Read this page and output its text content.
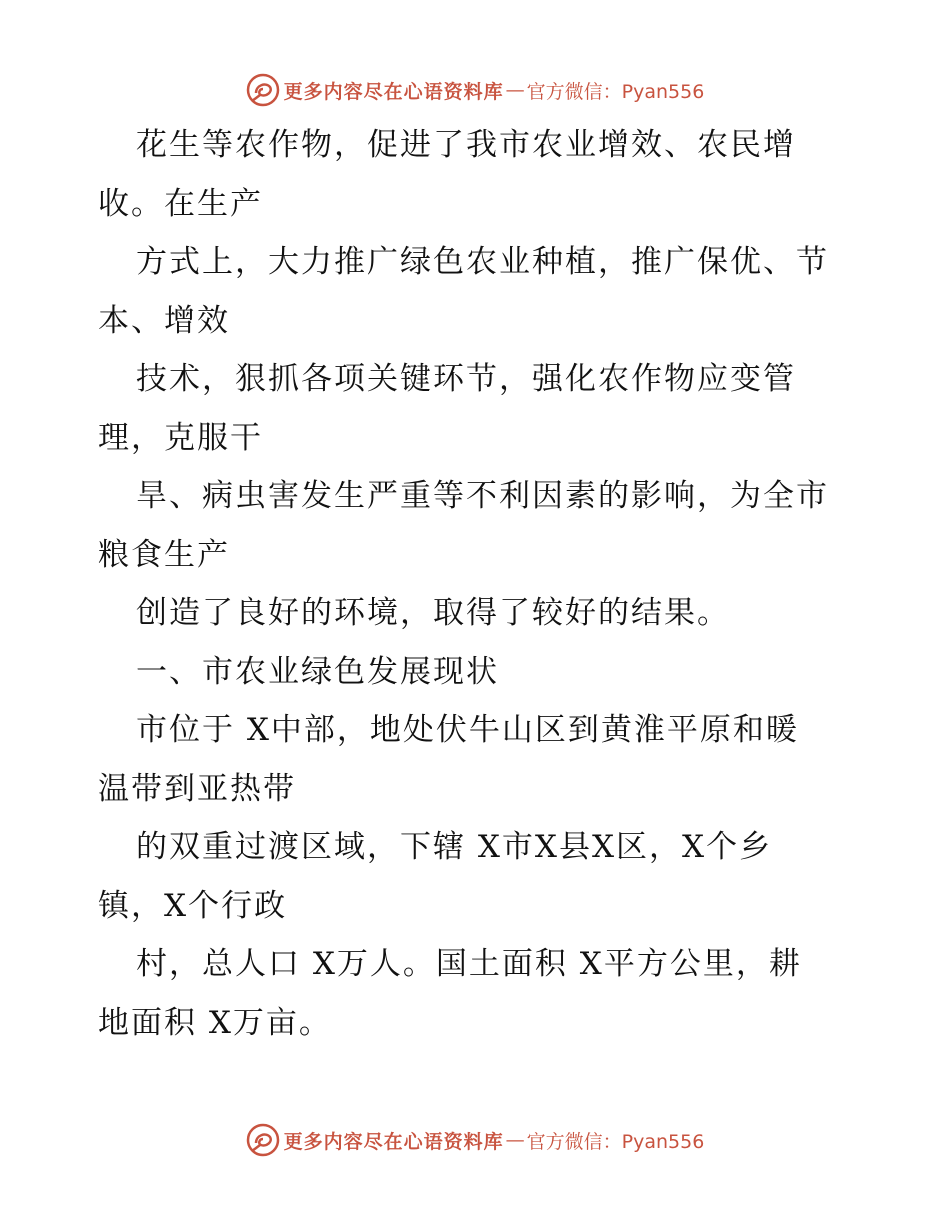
更多内容尽在心语资料库 — 官方微信：Pyan556
花生等农作物，促进了我市农业增效、农民增
收。在生产
方式上，大力推广绿色农业种植，推广保优、节
本、增效
技术，狠抓各项关键环节，强化农作物应变管
理，克服干
旱、病虫害发生严重等不利因素的影响，为全市
粮食生产
创造了良好的环境，取得了较好的结果。
一、市农业绿色发展现状
市位于 X中部，地处伏牛山区到黄淮平原和暖
温带到亚热带
的双重过渡区域，下辖 X市X县X区，X个乡
镇，X个行政
村，总人口 X万人。国土面积 X平方公里，耕
地面积 X万亩。
更多内容尽在心语资料库 — 官方微信：Pyan556
